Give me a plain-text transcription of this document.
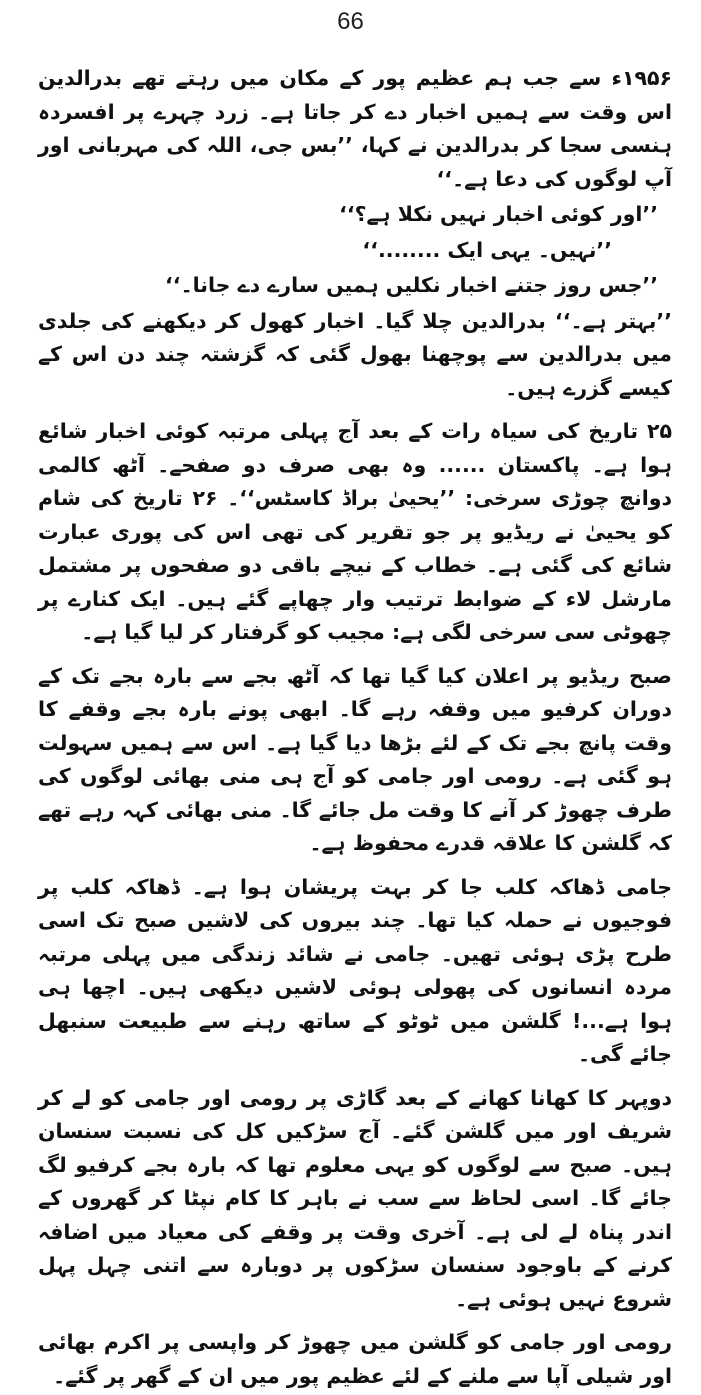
66

۱۹۵۶ء سے جب ہم عظیم پور کے مکان میں رہتے تھے بدرالدین اس وقت سے ہمیں اخبار دے کر جاتا ہے۔ زرد چہرے پر افسردہ ہنسی سجا کر بدرالدین نے کہا، ’’بس جی، اللہ کی مہربانی اور آپ لوگوں کی دعا ہے۔‘‘

’’اور کوئی اخبار نہیں نکلا ہے؟‘‘

’’نہیں۔ یہی ایک ........‘‘

’’جس روز جتنے اخبار نکلیں ہمیں سارے دے جانا۔‘‘

’’بہتر ہے۔‘‘ بدرالدین چلا گیا۔ اخبار کھول کر دیکھنے کی جلدی میں بدرالدین سے پوچھنا بھول گئی کہ گزشتہ چند دن اس کے کیسے گزرے ہیں۔

۲۵ تاریخ کی سیاہ رات کے بعد آج پہلی مرتبہ کوئی اخبار شائع ہوا ہے۔ پاکستان ...... وہ بھی صرف دو صفحے۔ آٹھ کالمی دوانچ چوڑی سرخی: ’’یحییٰ براڈ کاسٹس‘‘۔ ۲۶ تاریخ کی شام کو یحییٰ نے ریڈیو پر جو تقریر کی تھی اس کی پوری عبارت شائع کی گئی ہے۔ خطاب کے نیچے باقی دو صفحوں پر مشتمل مارشل لاء کے ضوابط ترتیب وار چھاپے گئے ہیں۔ ایک کنارے پر چھوٹی سی سرخی لگی ہے: مجیب کو گرفتار کر لیا گیا ہے۔

صبح ریڈیو پر اعلان کیا گیا تھا کہ آٹھ بجے سے بارہ بجے تک کے دوران کرفیو میں وقفہ رہے گا۔ ابھی پونے بارہ بجے وقفے کا وقت پانچ بجے تک کے لئے بڑھا دیا گیا ہے۔ اس سے ہمیں سہولت ہو گئی ہے۔ رومی اور جامی کو آج ہی منی بھائی لوگوں کی طرف چھوڑ کر آنے کا وقت مل جائے گا۔ منی بھائی کہہ رہے تھے کہ گلشن کا علاقہ قدرے محفوظ ہے۔

جامی ڈھاکہ کلب جا کر بہت پریشان ہوا ہے۔ ڈھاکہ کلب پر فوجیوں نے حملہ کیا تھا۔ چند بیروں کی لاشیں صبح تک اسی طرح پڑی ہوئی تھیں۔ جامی نے شائد زندگی میں پہلی مرتبہ مردہ انسانوں کی پھولی ہوئی لاشیں دیکھی ہیں۔ اچھا ہی ہوا ہے...! گلشن میں ٹوٹو کے ساتھ رہنے سے طبیعت سنبھل جائے گی۔

دوپہر کا کھانا کھانے کے بعد گاڑی پر رومی اور جامی کو لے کر شریف اور میں گلشن گئے۔ آج سڑکیں کل کی نسبت سنسان ہیں۔ صبح سے لوگوں کو یہی معلوم تھا کہ بارہ بجے کرفیو لگ جائے گا۔ اسی لحاظ سے سب نے باہر کا کام نپٹا کر گھروں کے اندر پناہ لے لی ہے۔ آخری وقت پر وقفے کی معیاد میں اضافہ کرنے کے باوجود سنسان سڑکوں پر دوبارہ سے اتنی چہل پہل شروع نہیں ہوئی ہے۔

رومی اور جامی کو گلشن میں چھوڑ کر واپسی پر اکرم بھائی اور شیلی آپا سے ملنے کے لئے عظیم پور میں ان کے گھر پر گئے۔
